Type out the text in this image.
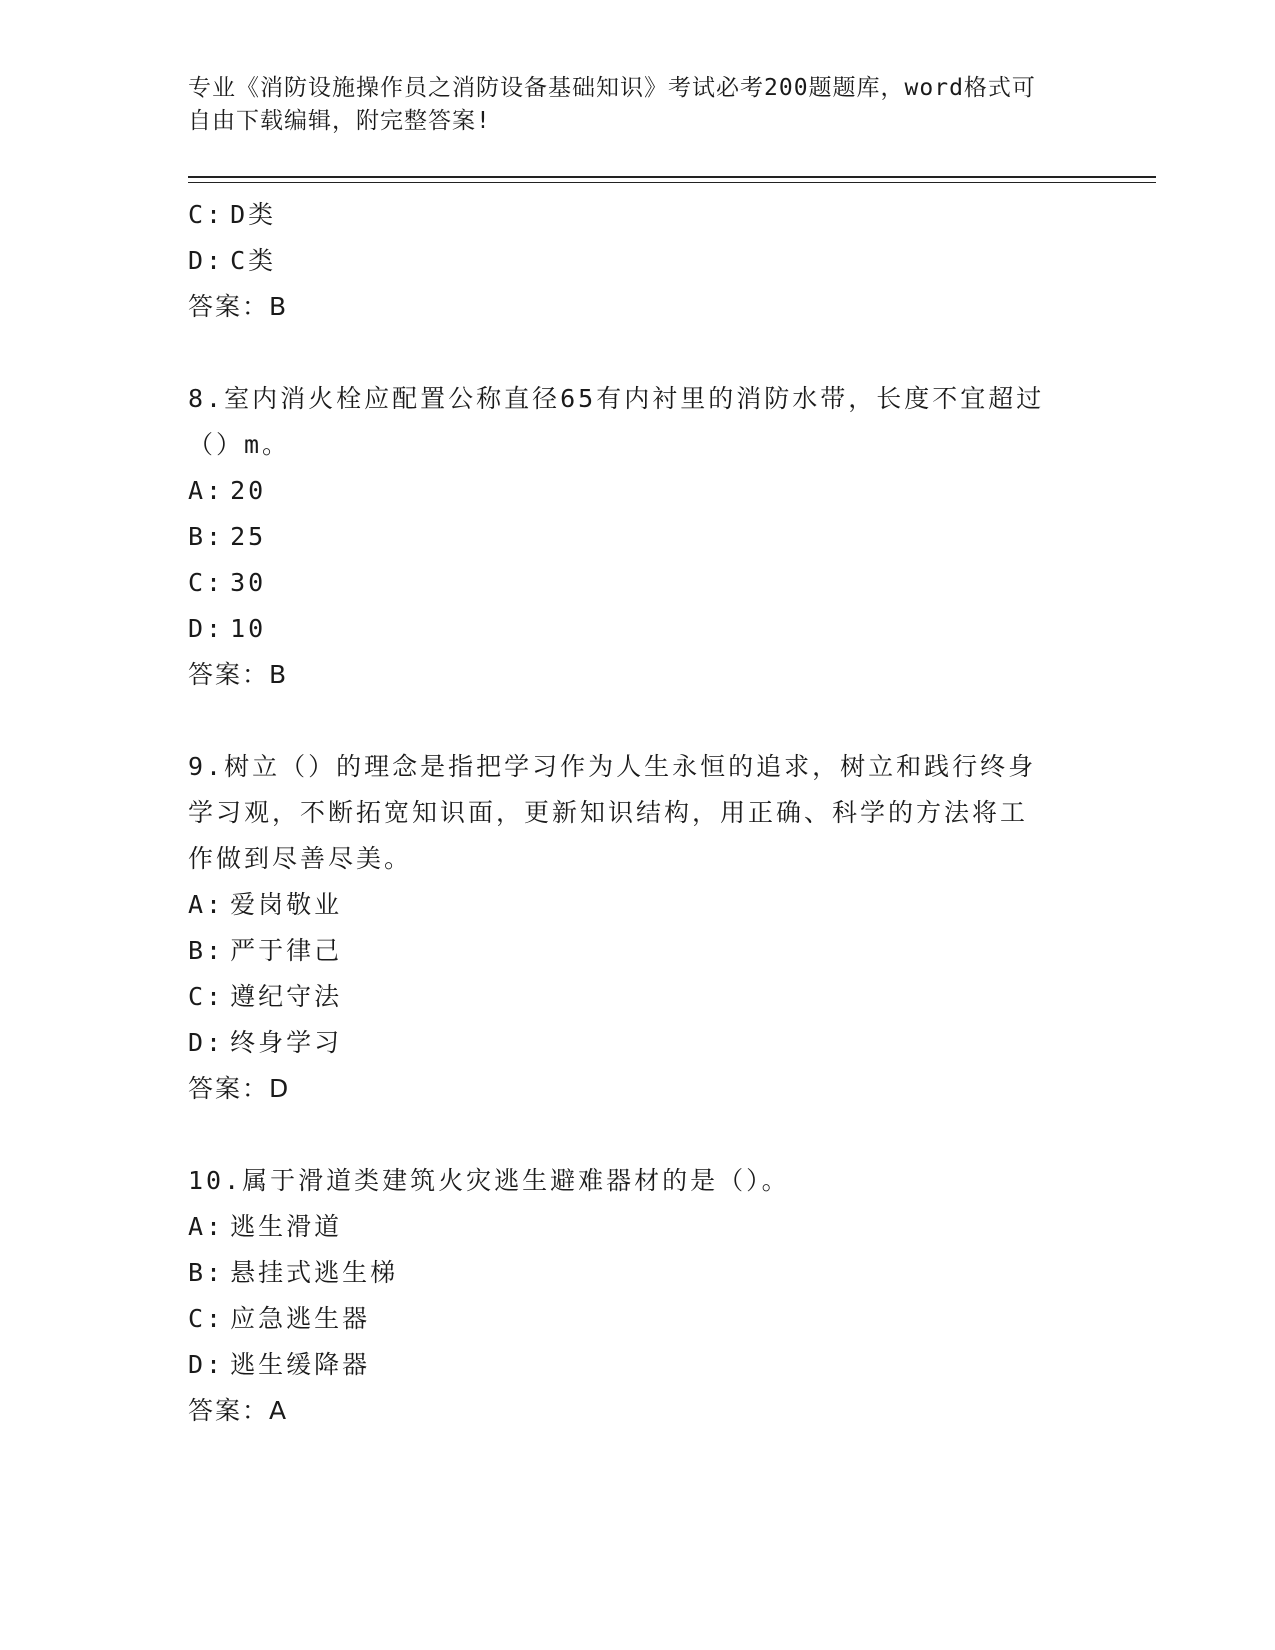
专业《消防设施操作员之消防设备基础知识》考试必考200题题库，word格式可
自由下载编辑，附完整答案!
C: D类
D: C类
答案：B
8.室内消火栓应配置公称直径65有内衬里的消防水带，长度不宜超过
（）m。
A: 20
B: 25
C: 30
D: 10
答案：B
9.树立（）的理念是指把学习作为人生永恒的追求，树立和践行终身
学习观，不断拓宽知识面，更新知识结构，用正确、科学的方法将工
作做到尽善尽美。
A: 爱岗敬业
B: 严于律己
C: 遵纪守法
D: 终身学习
答案：D
10.属于滑道类建筑火灾逃生避难器材的是（）。
A: 逃生滑道
B: 悬挂式逃生梯
C: 应急逃生器
D: 逃生缓降器
答案：A
